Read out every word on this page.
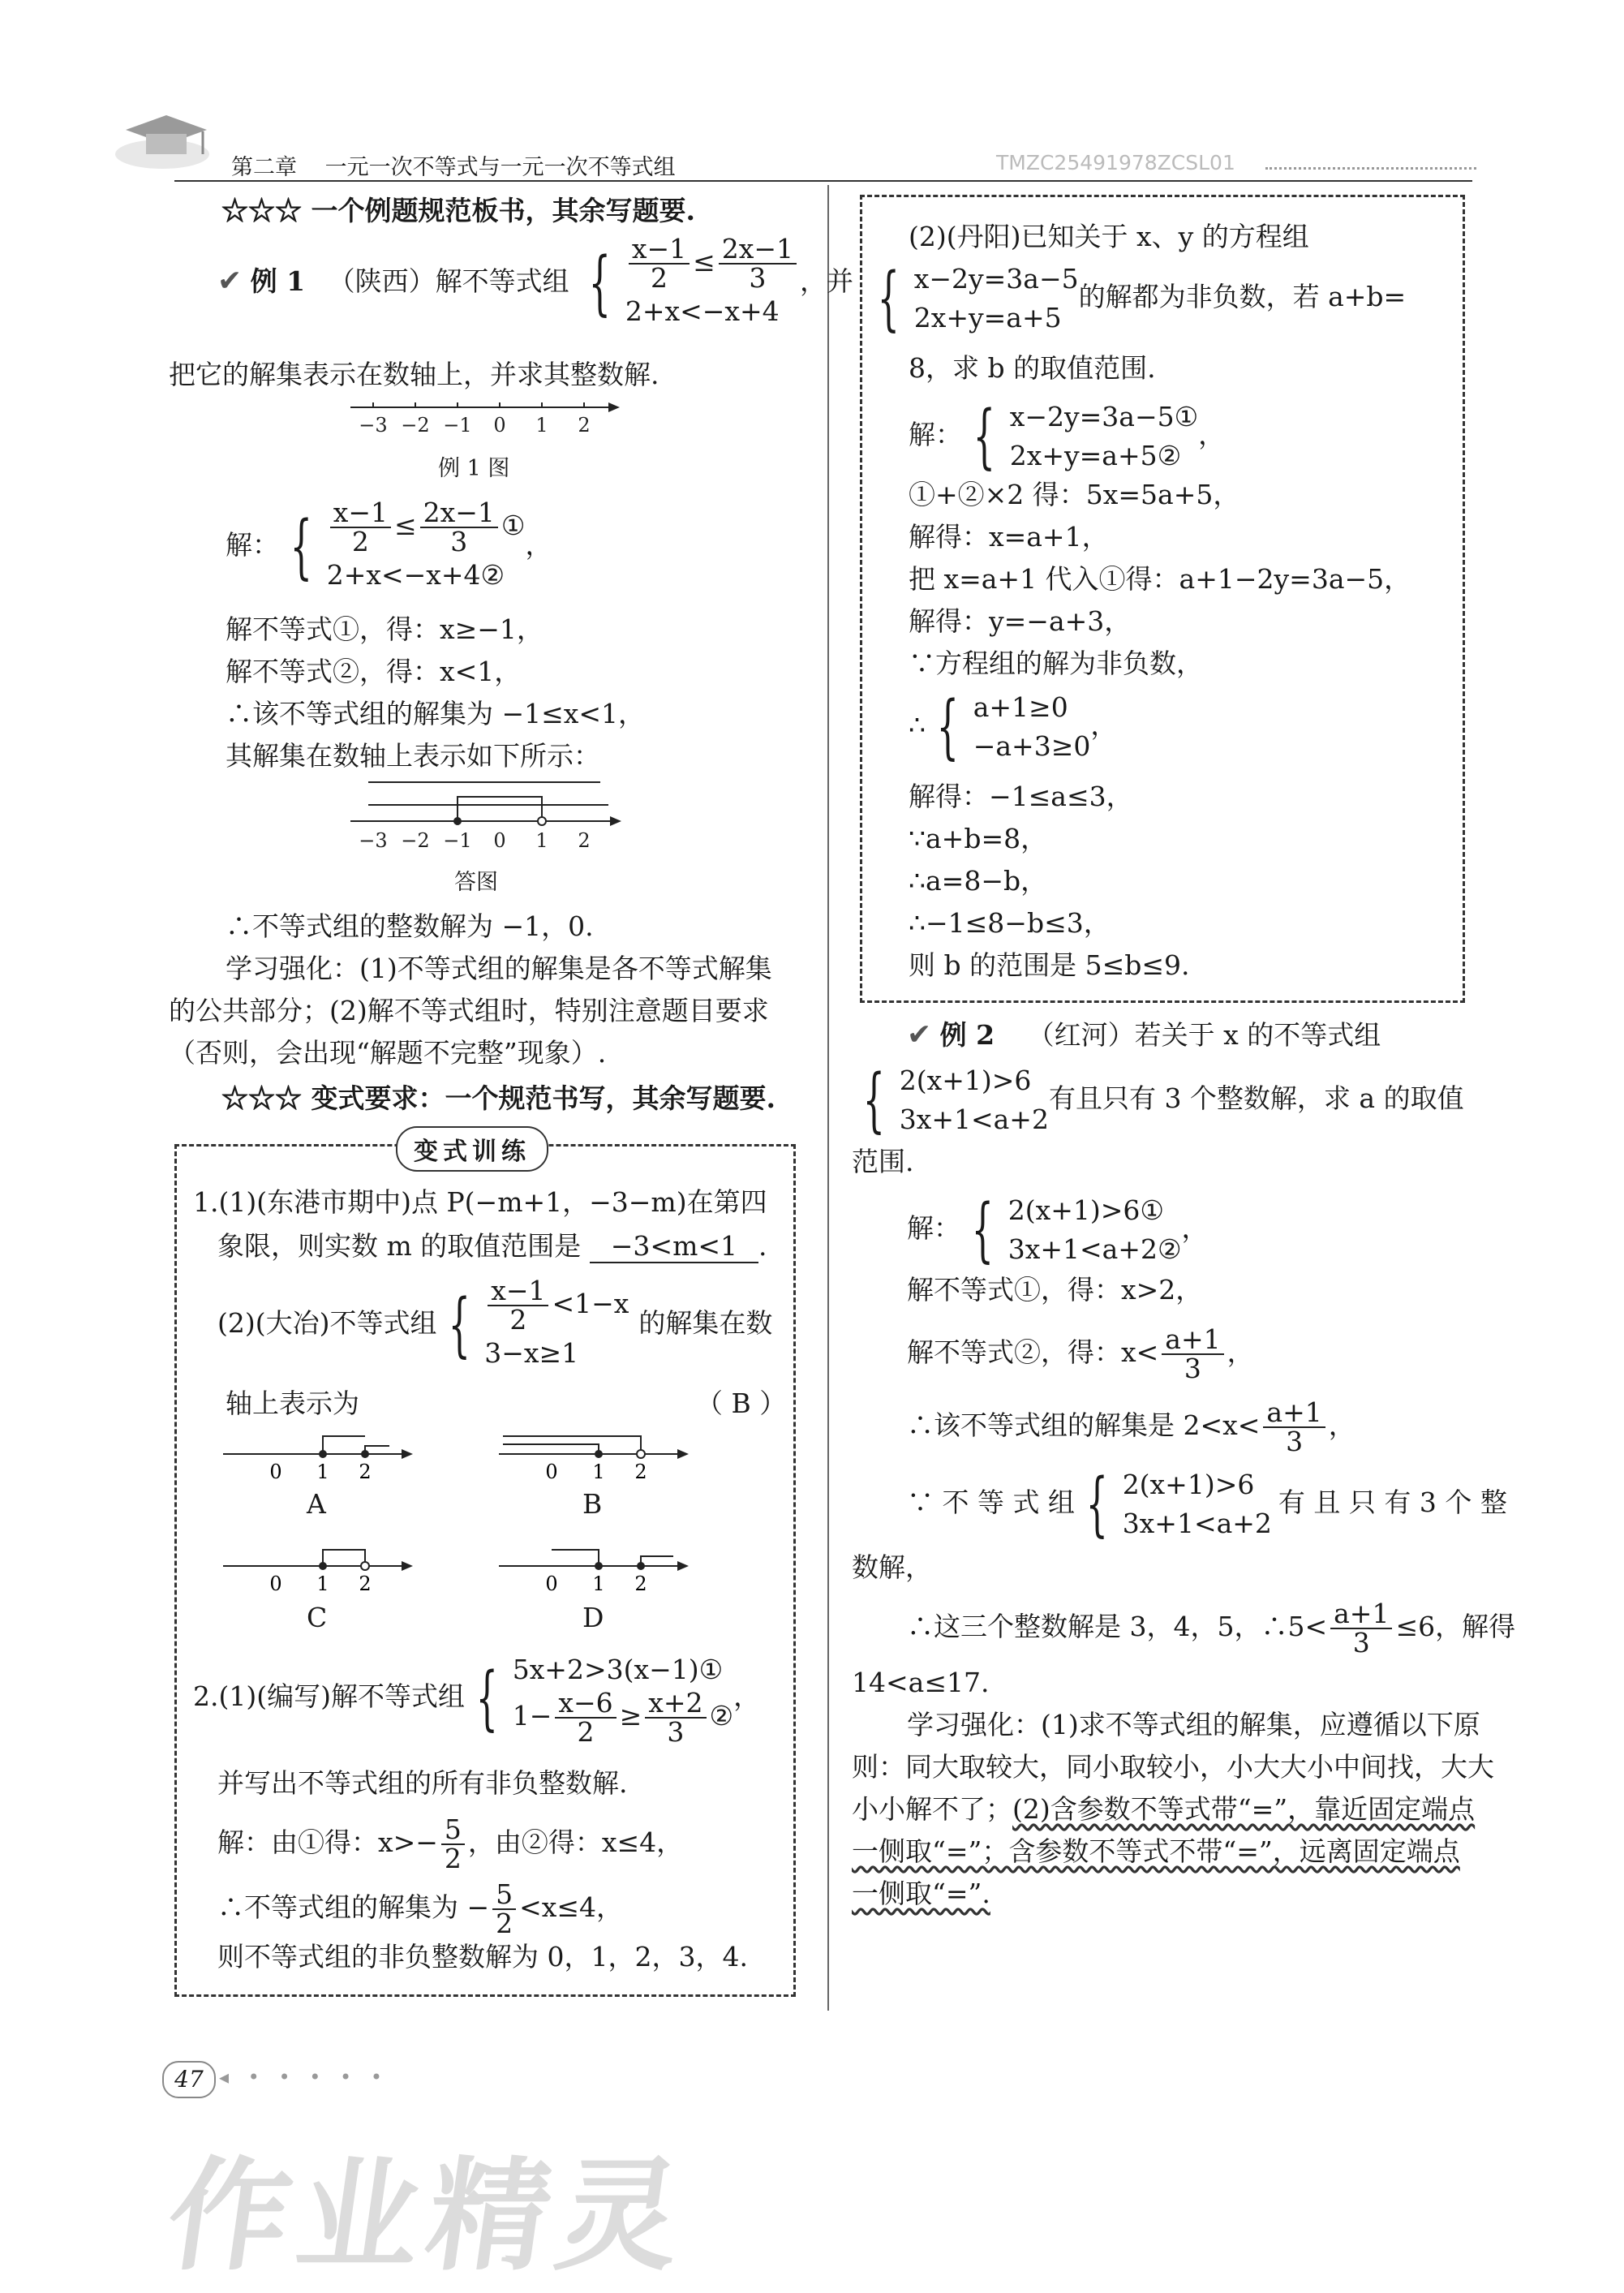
第二章 一元一次不等式与一元一次不等式组	TMZC25491978ZCSL01
☆☆☆ 一个例题规范板书，其余写题要.
✔ 例 1 （陕西）解不等式组 { $\frac{x-1}{2} \le \frac{2x-1}{3}$
2+x<−x+4
，并
把它的解集表示在数轴上，并求其整数解.
−3 −2 −1 0 1 2
例 1 图
解： { $\frac{x-1}{2} \le \frac{2x-1}{3}$ ①
2+x<−x+4②
，
解不等式①，得：x≥−1，
解不等式②，得：x<1，
∴该不等式组的解集为 −1≤x<1，
其解集在数轴上表示如下所示：
−3 −2 −1 0 1 2
答图
∴不等式组的整数解为 −1，0.
学习强化：(1)不等式组的解集是各不等式解集
的公共部分；(2)解不等式组时，特别注意题目要求
（否则，会出现“解题不完整”现象）.
☆☆☆ 变式要求：一个规范书写，其余写题要.
变式训练
1.(1)(东港市期中)点 P(−m+1，−3−m)在第四
象限，则实数 m 的取值范围是 −3<m<1 .
(2)(大冶)不等式组 { $\frac{x-1}{2} <1-x$
3−x≥1
的解集在数
轴上表示为	（ B ）
0 1 2	0 1 2
0 1 2	0 1 2
A	B
C	D
2.(1)(编写)解不等式组 { 5x+2>3(x−1)①
$1- \frac{x-6}{2} \ge \frac{x+2}{3}$ ②
，
并写出不等式组的所有非负整数解.
解：由①得：$x>- \frac{5}{2}$ ，由②得：x≤4，
∴不等式组的解集为 − $\frac{5}{2} <x\le 4$，
则不等式组的非负整数解为 0，1，2，3，4.
(2)(丹阳)已知关于 x、y 的方程组
{ x−2y=3a−5
2x+y=a+5
的解都为非负数，若 a+b=
8，求 b 的取值范围.
解： { x−2y=3a−5①
2x+y=a+5②
，
①+②×2 得：5x=5a+5，
解得：x=a+1，
把 x=a+1 代入①得：a+1−2y=3a−5，
解得：y=−a+3，
∵方程组的解为非负数，
∴ { a+1≥0
−a+3≥0
，
解得：−1≤a≤3，
∵a+b=8，
∴a=8−b，
∴−1≤8−b≤3，
则 b 的范围是 5≤b≤9.
✔ 例 2 （红河）若关于 x 的不等式组
{ 2(x+1)>6
3x+1<a+2
有且只有 3 个整数解，求 a 的取值
范围.
解： { 2(x+1)>6①
3x+1<a+2②
，
解不等式①，得：x>2，
解不等式②，得：$x< \frac{a+1}{3}$ ，
∴该不等式组的解集是 $2<x< \frac{a+1}{3}$ ，
∵ 不 等 式 组 { 2(x+1)>6
3x+1<a+2
有 且 只 有 3 个 整
数解，
∴这三个整数解是 3，4，5，∴5< $\frac{a+1}{3} \le 6$，解得
14<a≤17.
学习强化：(1)求不等式组的解集，应遵循以下原
则：同大取较大，同小取较小，小大大小中间找，大大
小小解不了；(2)含参数不等式带“=”，靠近固定端点
一侧取“=”；含参数不等式不带“=”，远离固定端点
一侧取“=”.
47 ◂ • • • • •
作业精灵
